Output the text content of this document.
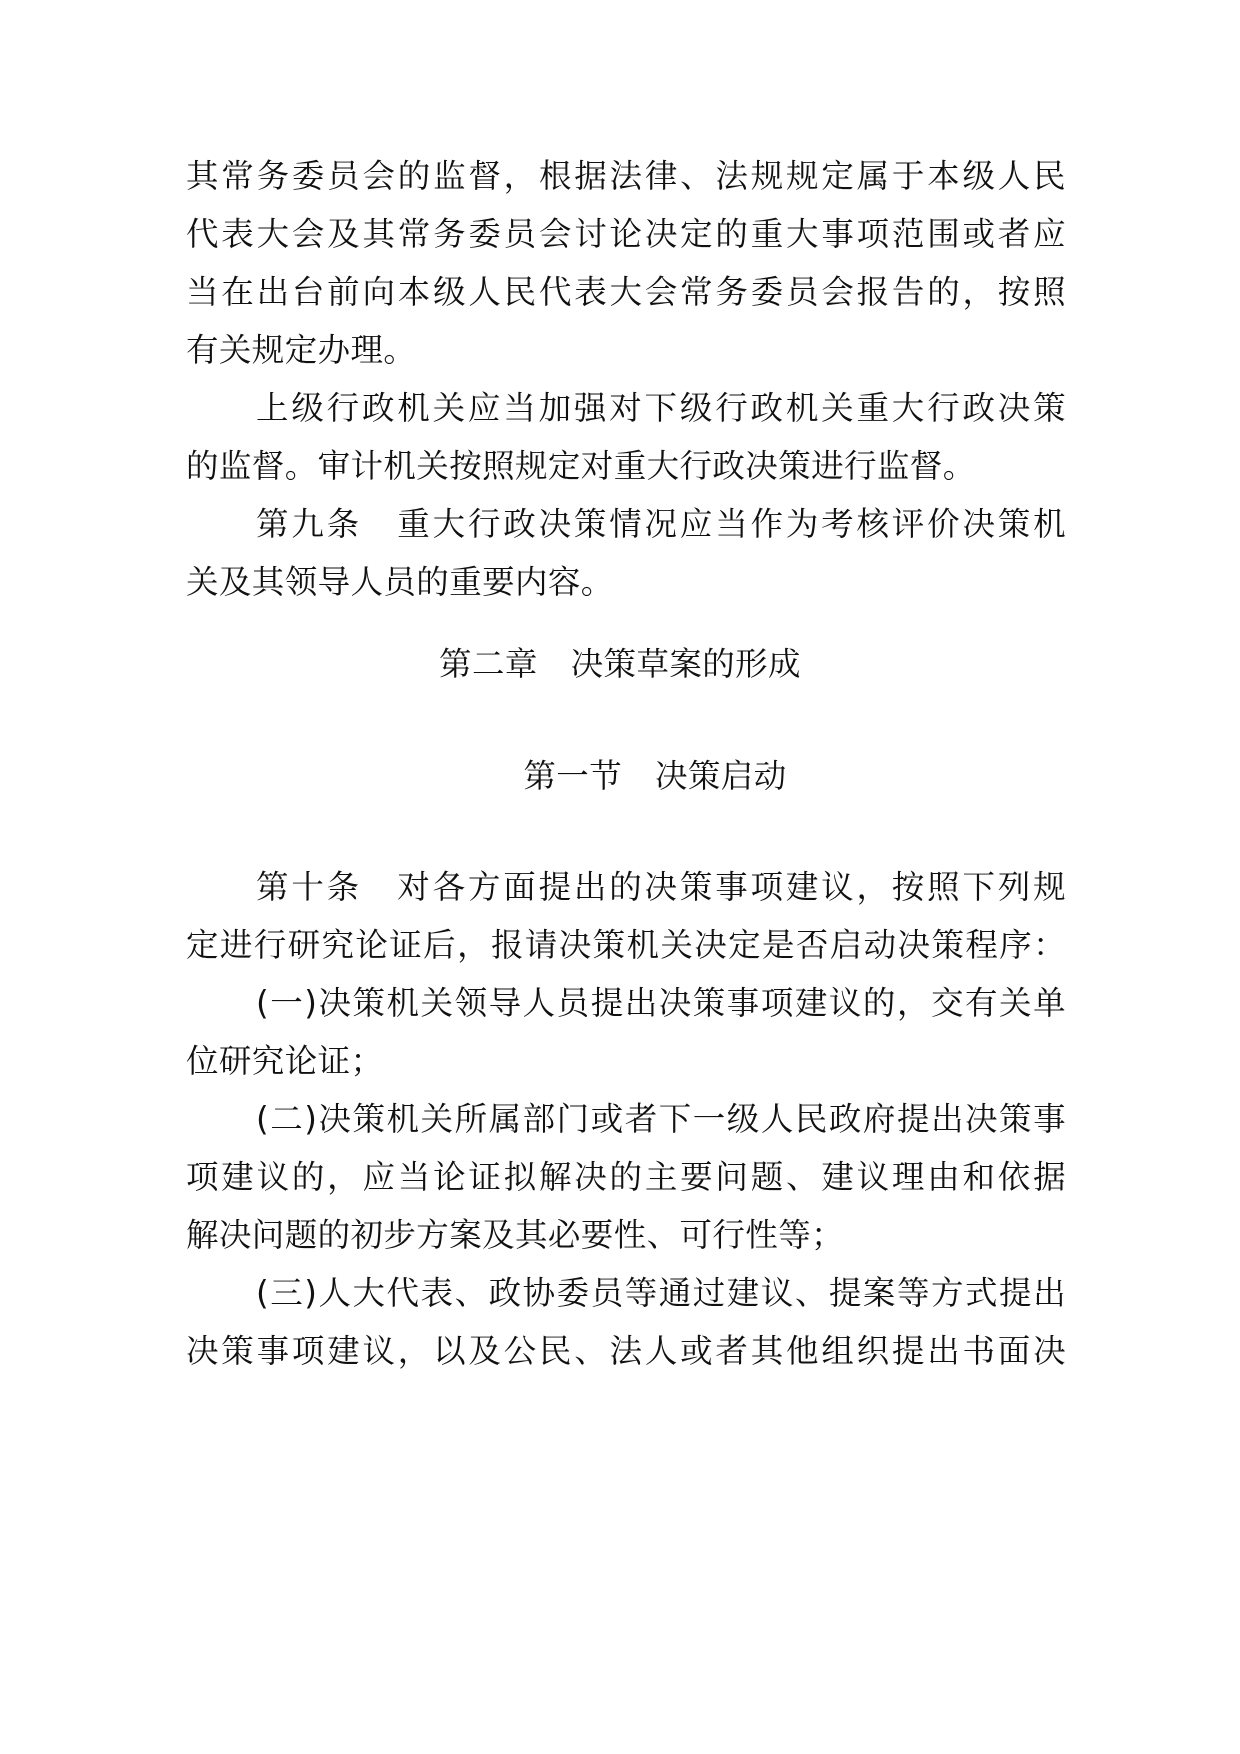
其常务委员会的监督，根据法律、法规规定属于本级人民
代表大会及其常务委员会讨论决定的重大事项范围或者应
当在出台前向本级人民代表大会常务委员会报告的，按照
有关规定办理。
上级行政机关应当加强对下级行政机关重大行政决策
的监督。审计机关按照规定对重大行政决策进行监督。
第九条　重大行政决策情况应当作为考核评价决策机
关及其领导人员的重要内容。
第二章　决策草案的形成
第一节　决策启动
第十条　对各方面提出的决策事项建议，按照下列规
定进行研究论证后，报请决策机关决定是否启动决策程序：
(一)决策机关领导人员提出决策事项建议的，交有关单
位研究论证；
(二)决策机关所属部门或者下一级人民政府提出决策事
项建议的，应当论证拟解决的主要问题、建议理由和依据
解决问题的初步方案及其必要性、可行性等；
(三)人大代表、政协委员等通过建议、提案等方式提出
决策事项建议，以及公民、法人或者其他组织提出书面决
